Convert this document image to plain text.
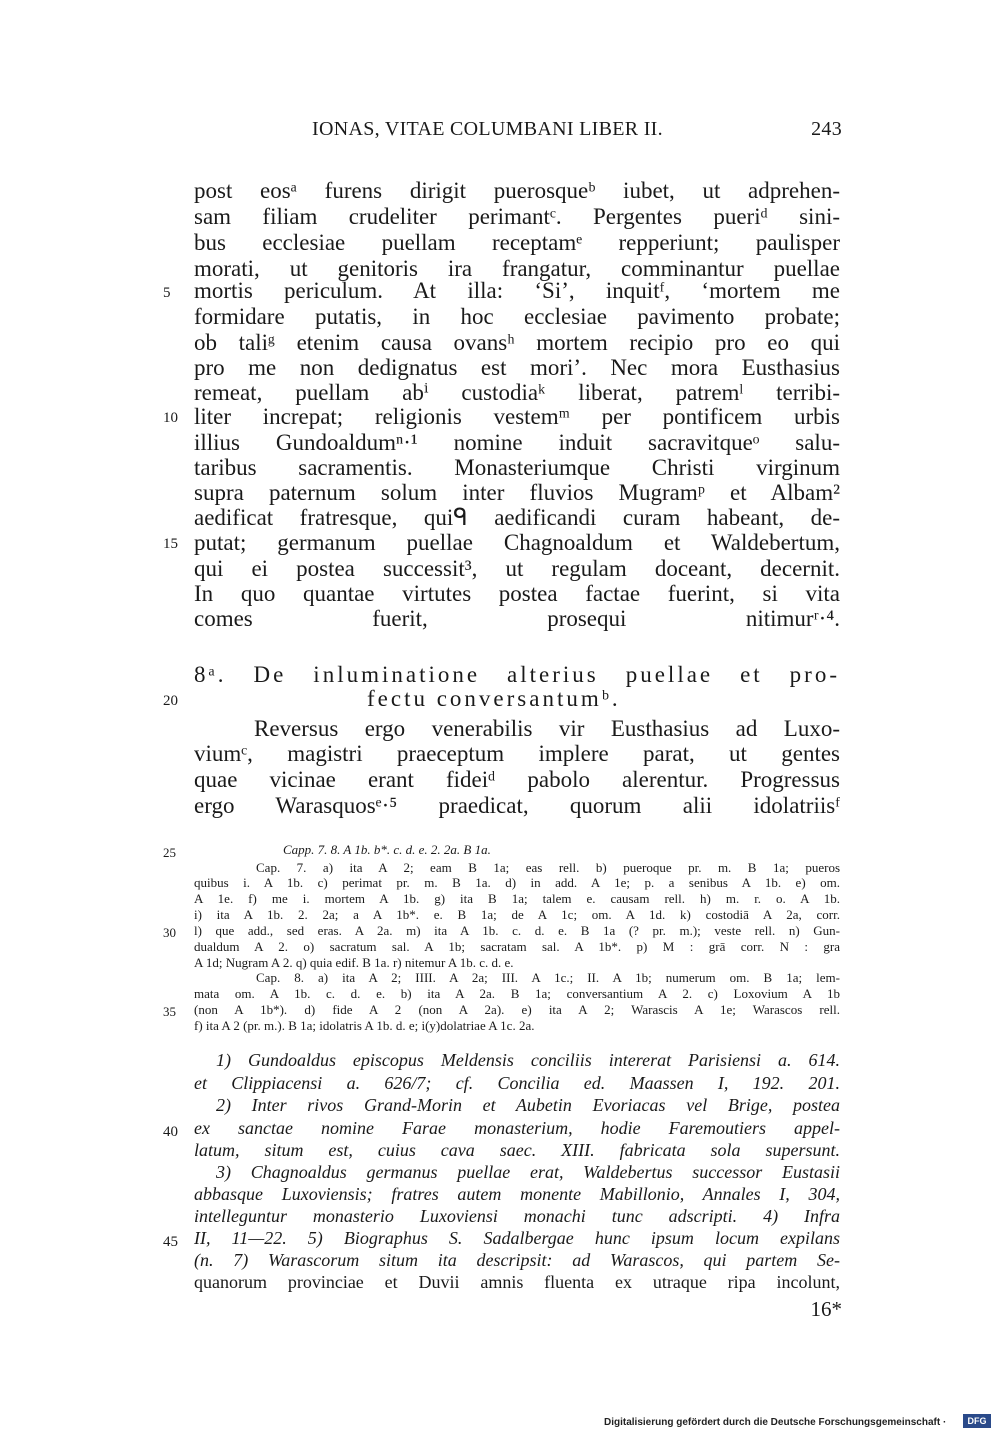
IONAS, VITAE COLUMBANI LIBER II.	243
post eosᵃ furens dirigit puerosqueᵇ iubet, ut adprehen-
sam filiam crudeliter perimantᶜ. Pergentes pueriᵈ sini-
bus ecclesiae puellam receptamᵉ repperiunt; paulisper
morati, ut genitoris ira frangatur, comminantur puellae
mortis periculum. At illa: ‘Si’, inquitᶠ, ‘mortem me
formidare putatis, in hoc ecclesiae pavimento probate;
ob taliᵍ etenim causa ovansʰ mortem recipio pro eo qui
pro me non dedignatus est mori’. Nec mora Eusthasius
remeat, puellam abⁱ custodiaᵏ liberat, patremˡ terribi-
liter increpat; religionis vestemᵐ per pontificem urbis
illius Gundoaldumⁿ·¹ nomine induit sacravitqueᵒ salu-
taribus sacramentis. Monasteriumque Christi virginum
supra paternum solum inter fluvios Mugramᵖ et Albam²
aedificat fratresque, quiᑫ aedificandi curam habeant, de-
putat; germanum puellae Chagnoaldum et Waldebertum,
qui ei postea successit³, ut regulam doceant, decernit.
In quo quantae virtutes postea factae fuerint, si vita
comes fuerit, prosequi nitimurʳ·⁴.
5
10
15
8ᵃ. De inluminatione alterius puellae et pro-
fectu conversantumᵇ.
20
Reversus ergo venerabilis vir Eusthasius ad Luxo-
viumᶜ, magistri praeceptum implere parat, ut gentes
quae vicinae erant fideiᵈ pabolo alerentur. Progressus
ergo Warasquosᵉ·⁵ praedicat, quorum alii idolatriisᶠ
Capp. 7. 8. A 1b. b*. c. d. e. 2. 2a. B 1a.
Cap. 7. a) ita A 2; eam B 1a; eas rell. b) pueroque pr. m. B 1a; pueros
quibus i. A 1b. c) perimat pr. m. B 1a. d) in add. A 1e; p. a senibus A 1b. e) om.
A 1e. f) me i. mortem A 1b. g) ita B 1a; talem e. causam rell. h) m. r. o. A 1b.
i) ita A 1b. 2. 2a; a A 1b*. e. B 1a; de A 1c; om. A 1d. k) costodiā A 2a, corr.
l) que add., sed eras. A 2a. m) ita A 1b. c. d. e. B 1a (? pr. m.); veste rell. n) Gun-
dualdum A 2. o) sacratum sal. A 1b; sacratam sal. A 1b*. p) M : grā corr. N : gra
A 1d; Nugram A 2. q) quia edif. B 1a. r) nitemur A 1b. c. d. e.
Cap. 8. a) ita A 2; IIII. A 2a; III. A 1c.; II. A 1b; numerum om. B 1a; lem-
mata om. A 1b. c. d. e. b) ita A 2a. B 1a; conversantium A 2. c) Loxovium A 1b
(non A 1b*). d) fide A 2 (non A 2a). e) ita A 2; Warascis A 1e; Warascos rell.
f) ita A 2 (pr. m.). B 1a; idolatris A 1b. d. e; i(y)dolatriae A 1c. 2a.
25
30
35
1) Gundoaldus episcopus Meldensis conciliis intererat Parisiensi a. 614.
et Clippiacensi a. 626/7; cf. Concilia ed. Maassen I, 192. 201.
2) Inter rivos Grand-Morin et Aubetin Evoriacas vel Brige, postea
ex sanctae nomine Farae monasterium, hodie Faremoutiers appel-
latum, situm est, cuius cava saec. XIII. fabricata sola supersunt.
3) Chagnoaldus germanus puellae erat, Waldebertus successor Eustasii
abbasque Luxoviensis; fratres autem monente Mabillonio, Annales I, 304,
intelleguntur monasterio Luxoviensi monachi tunc adscripti. 4) Infra
II, 11—22. 5) Biographus S. Sadalbergae hunc ipsum locum expilans
(n. 7) Warascorum situm ita descripsit: ad Warascos, qui partem Se-
quanorum provinciae et Duvii amnis fluenta ex utraque ripa incolunt,
40
45
16*
Digitalisierung gefördert durch die Deutsche Forschungsgemeinschaft ·	DFG
